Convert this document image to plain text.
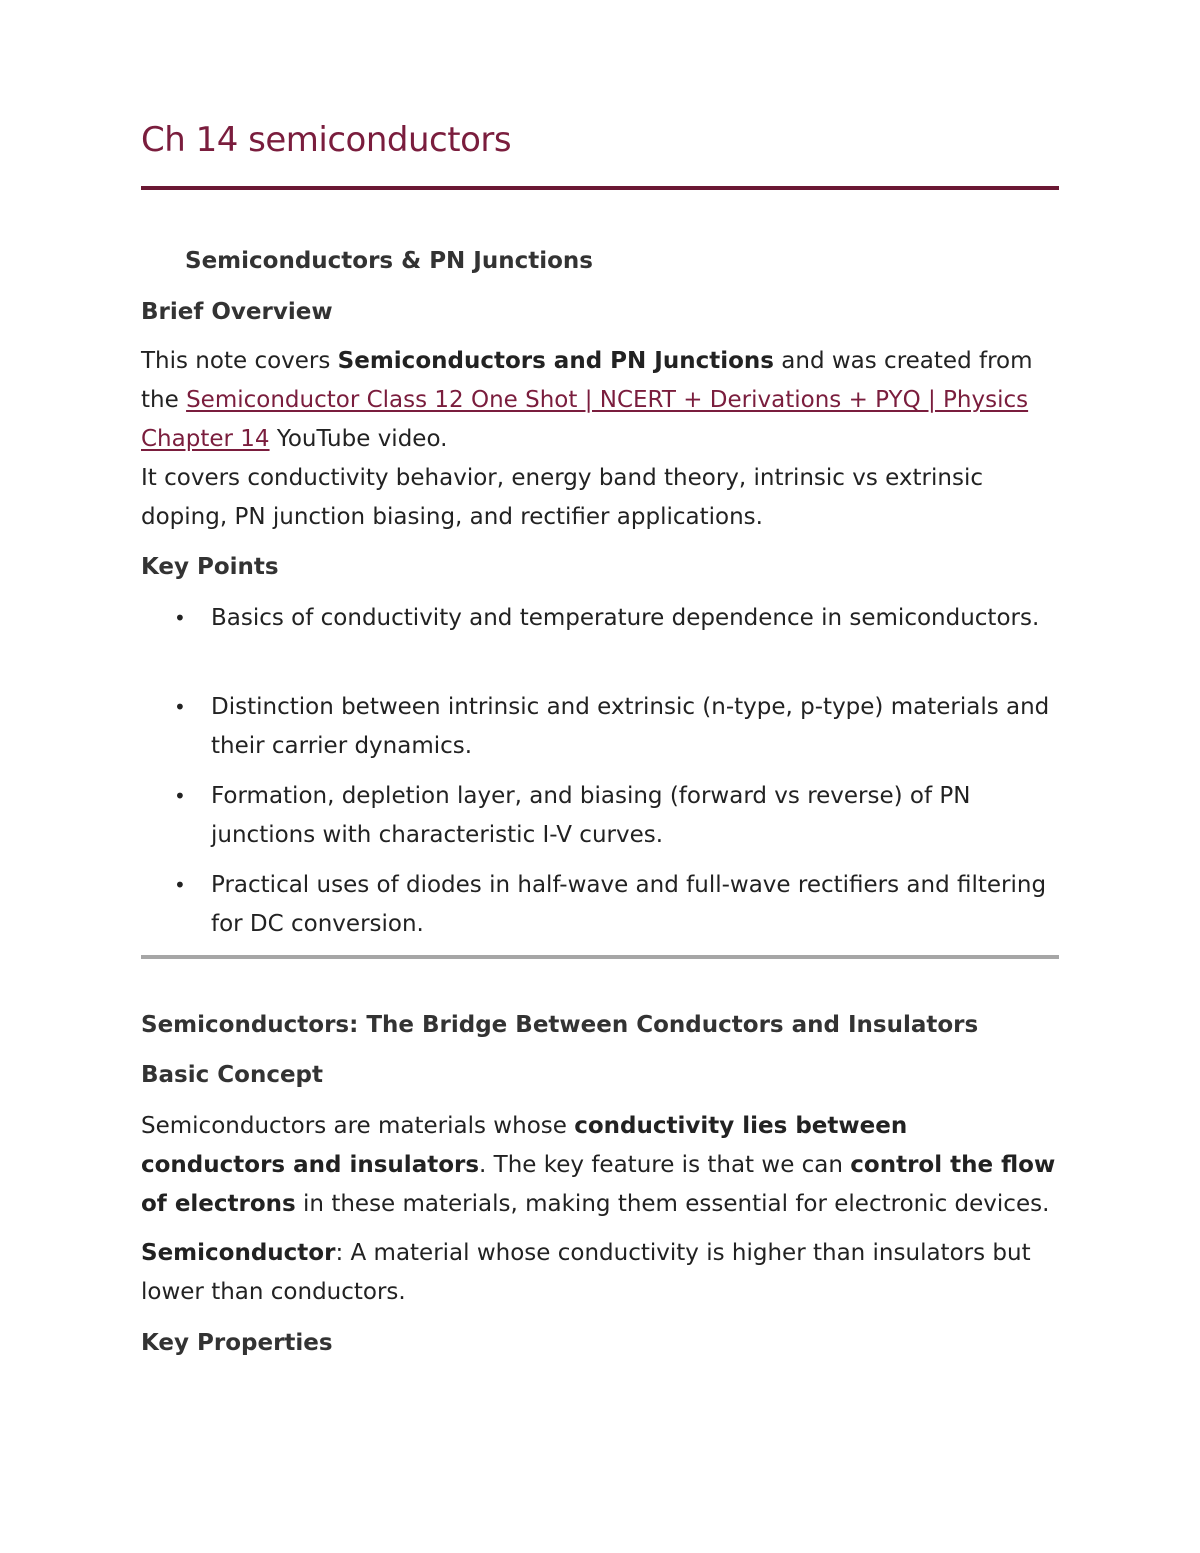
Ch 14 semiconductors
Semiconductors & PN Junctions
Brief Overview
This note covers Semiconductors and PN Junctions and was created from the Semiconductor Class 12 One Shot | NCERT + Derivations + PYQ | Physics Chapter 14 YouTube video.
It covers conductivity behavior, energy band theory, intrinsic vs extrinsic doping, PN junction biasing, and rectifier applications.
Key Points
• Basics of conductivity and temperature dependence in semiconductors.
• Distinction between intrinsic and extrinsic (n-type, p-type) materials and their carrier dynamics.
• Formation, depletion layer, and biasing (forward vs reverse) of PN junctions with characteristic I-V curves.
• Practical uses of diodes in half-wave and full-wave rectifiers and filtering for DC conversion.
Semiconductors: The Bridge Between Conductors and Insulators
Basic Concept
Semiconductors are materials whose conductivity lies between conductors and insulators. The key feature is that we can control the flow of electrons in these materials, making them essential for electronic devices.
Semiconductor: A material whose conductivity is higher than insulators but lower than conductors.
Key Properties
